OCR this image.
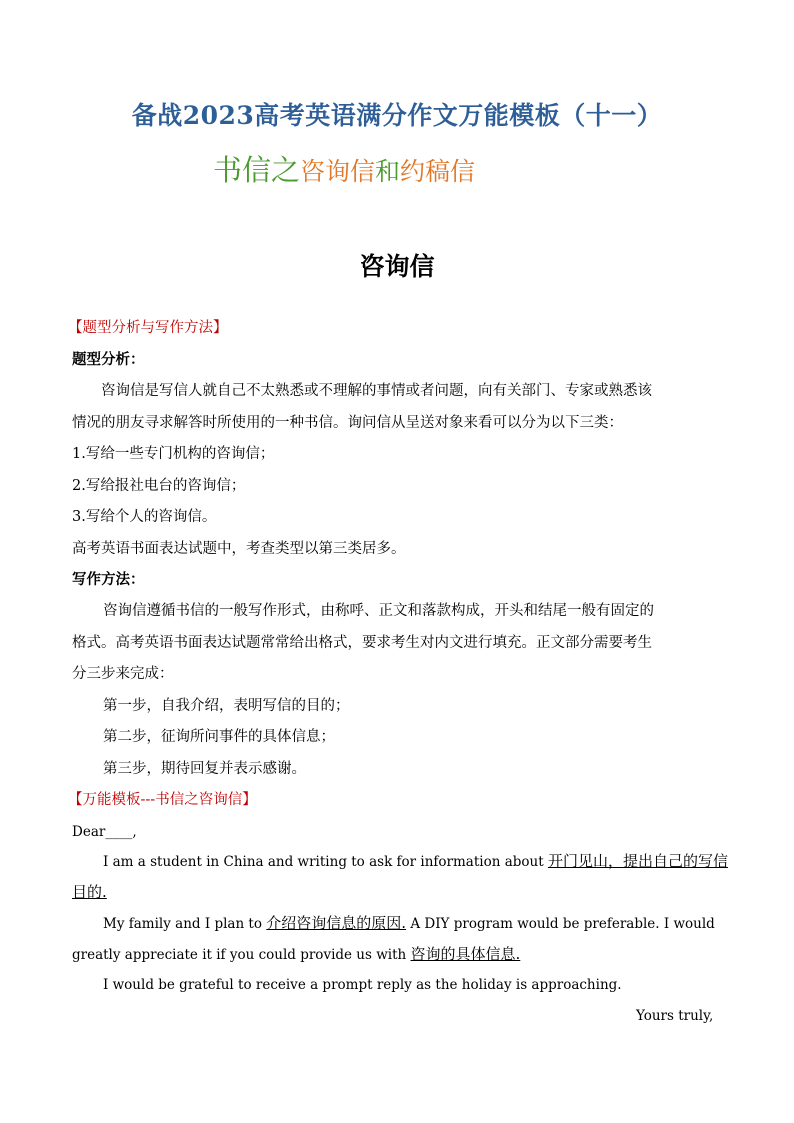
备战2023高考英语满分作文万能模板（十一）
书信之咨询信和约稿信
咨询信
【题型分析与写作方法】
题型分析：
咨询信是写信人就自己不太熟悉或不理解的事情或者问题，向有关部门、专家或熟悉该
情况的朋友寻求解答时所使用的一种书信。询问信从呈送对象来看可以分为以下三类：
1.写给一些专门机构的咨询信；
2.写给报社电台的咨询信；
3.写给个人的咨询信。
高考英语书面表达试题中，考查类型以第三类居多。
写作方法：
咨询信遵循书信的一般写作形式，由称呼、正文和落款构成，开头和结尾一般有固定的
格式。高考英语书面表达试题常常给出格式，要求考生对内文进行填充。正文部分需要考生
分三步来完成：
第一步，自我介绍，表明写信的目的；
第二步，征询所问事件的具体信息；
第三步，期待回复并表示感谢。
【万能模板---书信之咨询信】
Dear____,
I am a student in China and writing to ask for information about 开门见山，提出自己的写信
目的.
My family and I plan to 介绍咨询信息的原因. A DIY program would be preferable. I would
greatly appreciate it if you could provide us with 咨询的具体信息.
I would be grateful to receive a prompt reply as the holiday is approaching.
Yours truly,
